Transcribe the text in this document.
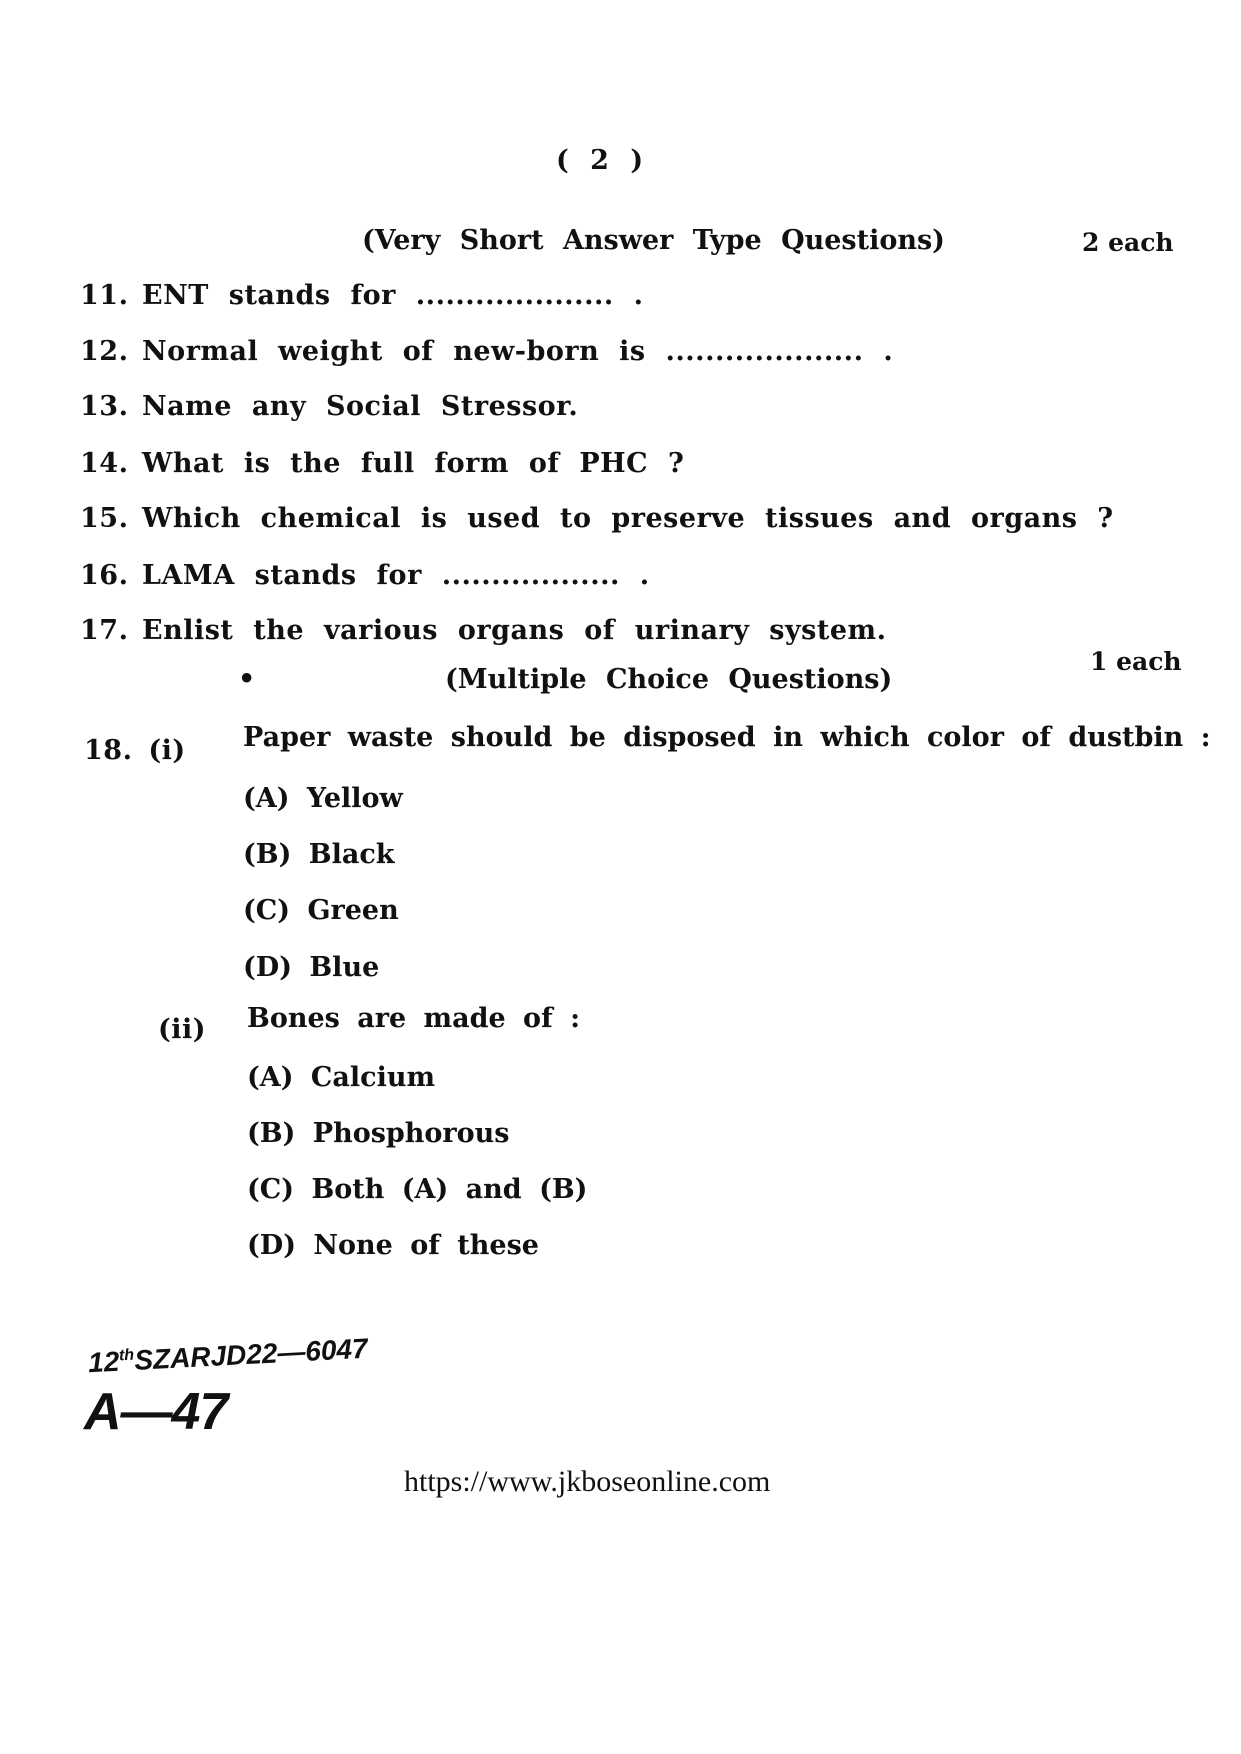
( 2 )
(Very Short Answer Type Questions)	2 each
11. ENT stands for .................... .
12. Normal weight of new-born is .................... .
13. Name any Social Stressor.
14. What is the full form of PHC ?
15. Which chemical is used to preserve tissues and organs ?
16. LAMA stands for .................. .
17. Enlist the various organs of urinary system.
•	(Multiple Choice Questions)
1 each
18. (i) Paper waste should be disposed in which color of dustbin :
(A) Yellow
(B) Black
(C) Green
(D) Blue
(ii) Bones are made of :
(A) Calcium
(B) Phosphorous
(C) Both (A) and (B)
(D) None of these
12thSZARJD22—6047
A—47
https://www.jkboseonline.com
